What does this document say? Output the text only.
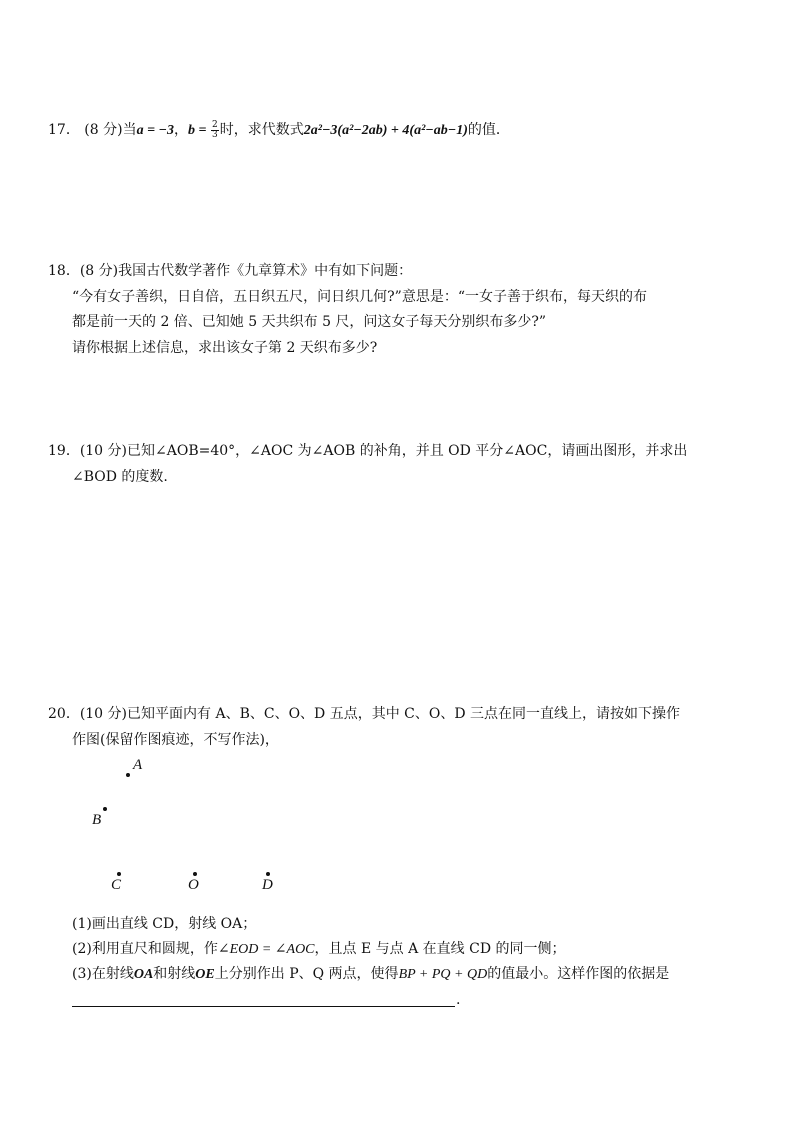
17． (8 分)当a = −3，$b = \frac{2}{3}$ 时，求代数式2a²−3(a²−2ab) + 4(a²−ab−1)的值．
18．(8 分)我国古代数学著作《九章算术》中有如下问题：
“今有女子善织，日自倍，五日织五尺，问日织几何?”意思是：“一女子善于织布，每天织的布
都是前一天的 2 倍、已知她 5 天共织布 5 尺，问这女子每天分别织布多少?”
请你根据上述信息，求出该女子第 2 天织布多少?
19．(10 分)已知∠AOB=40°，∠AOC 为∠AOB 的补角，并且 OD 平分∠AOC，请画出图形，并求出
∠BOD 的度数.
20．(10 分)已知平面内有 A、B、C、O、D 五点，其中 C、O、D 三点在同一直线上，请按如下操作
作图(保留作图痕迹，不写作法)，
A
B
C	O	D
(1)画出直线 CD，射线 OA；
(2)利用直尺和圆规，作∠EOD = ∠AOC，且点 E 与点 A 在直线 CD 的同一侧；
(3)在射线OA和射线OE上分别作出 P、Q 两点，使得BP + PQ + QD的值最小。这样作图的依据是
.
